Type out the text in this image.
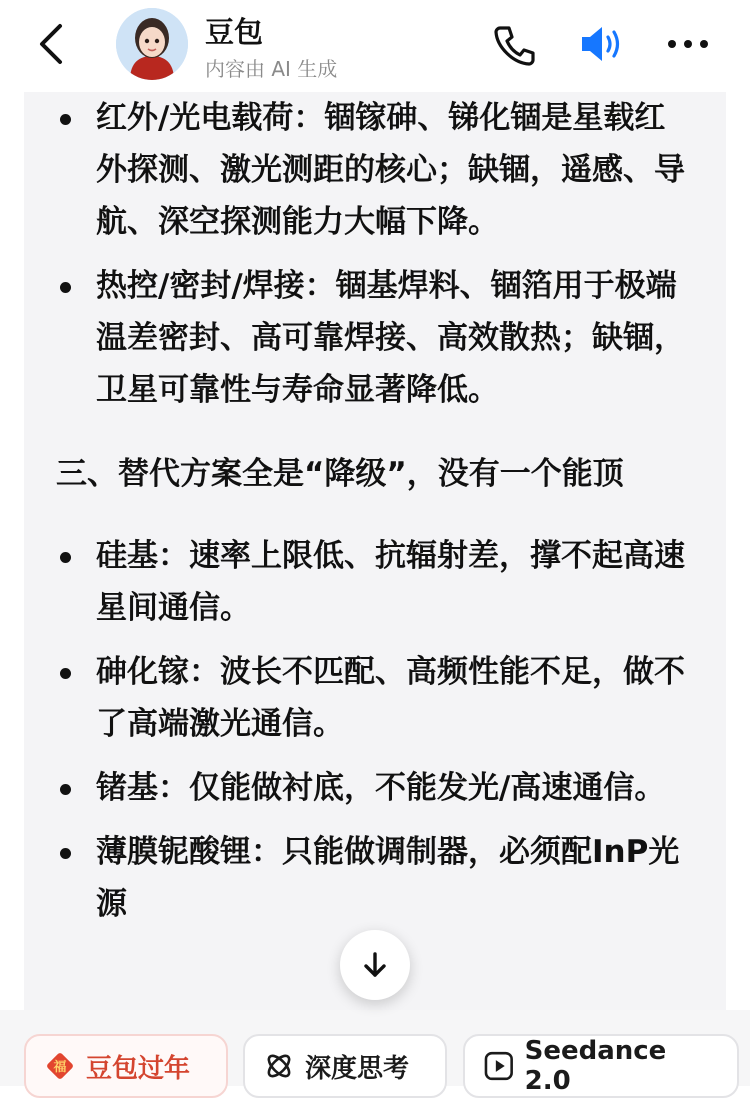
豆包
内容由 AI 生成
红外/光电载荷：锢镓砷、锑化锢是星载红外探测、激光测距的核心；缺锢，遥感、导航、深空探测能力大幅下降。
热控/密封/焊接：锢基焊料、锢箔用于极端温差密封、高可靠焊接、高效散热；缺锢，卫星可靠性与寿命显著降低。
三、替代方案全是“降级”，没有一个能顶
硅基：速率上限低、抗辐射差，撑不起高速星间通信。
砷化镓：波长不匹配、高频性能不足，做不了高端激光通信。
锗基：仅能做衬底，不能发光/高速通信。
薄膜铌酸锂：只能做调制器，必须配InP光源
福 豆包过年	深度思考
Seedance 2.0
